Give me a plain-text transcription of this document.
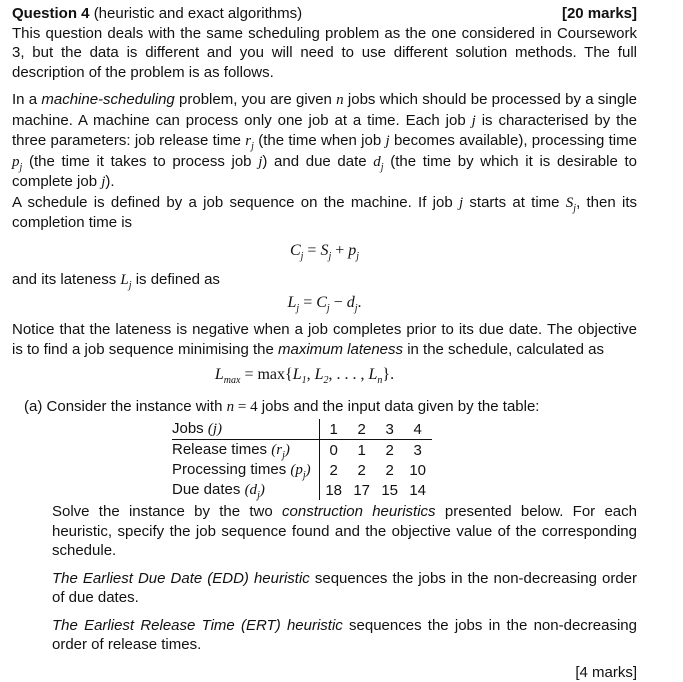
Question 4 (heuristic and exact algorithms)	[20 marks]

This question deals with the same scheduling problem as the one considered in Coursework 3, but the data is different and you will need to use different solution methods. The full description of the problem is as follows.

In a machine-scheduling problem, you are given n jobs which should be processed by a single machine. A machine can process only one job at a time. Each job j is characterised by the three parameters: job release time $r_j$ (the time when job j becomes available), processing time $p_j$ (the time it takes to process job j) and due date $d_j$ (the time by which it is desirable to complete job j).

A schedule is defined by a job sequence on the machine. If job j starts at time $S_j$, then its completion time is

$C_j = S_j + p_j$

and its lateness $L_j$ is defined as

$L_j = C_j - d_j$.

Notice that the lateness is negative when a job completes prior to its due date. The objective is to find a job sequence minimising the maximum lateness in the schedule, calculated as

$L_{max} = \max\{L_1$, $L_2$, . . . , $L_n$}.

(a) Consider the instance with n = 4 jobs and the input data given by the table:

Jobs (j)	1	2	3	4
Release times $(r_j)$	0	1	2	3
Processing times $(p_j)$	2	2	2	10
Due dates $(d_j)$	18	17	15	14

Solve the instance by the two construction heuristics presented below. For each heuristic, specify the job sequence found and the objective value of the corresponding schedule.

The Earliest Due Date (EDD) heuristic sequences the jobs in the non-decreasing order of due dates.

The Earliest Release Time (ERT) heuristic sequences the jobs in the non-decreasing order of release times.

[4 marks]
